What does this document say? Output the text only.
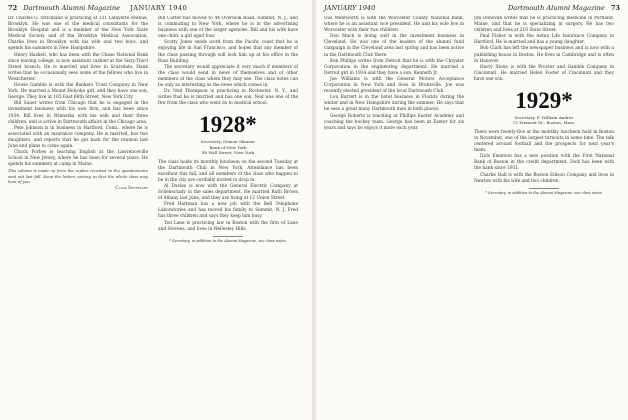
72 Dartmouth Alumni Magazine JANUARY 1940

Dr. Charles G. Strickland is practicing at 131 Lafayette Avenue, Brooklyn. He was one of the medical consultants for the Brooklyn Hospital and is a member of the New York State Medical Society and of the Brooklyn Medical Association. Charlie lives in Brooklyn with his wife and two boys, and spends his summers in New Hampshire.

Henry Haskell, who has been with the Chase National Bank since leaving college, is now assistant cashier at the Sixty-Third Street branch. He is married and lives in Scarsdale; Hank writes that he occasionally sees some of the fellows who live in Westchester.

Howie Gamble is with the Bankers Trust Company in New York. He married a Mount Holyoke girl, and they have one son, George. They live at 165 East 66th Street, New York City.

Bill Sauer writes from Chicago that he is engaged in the investment business with his own firm, and has been since 1934. Bill lives in Winnetka with his wife and their three children, and is active in Dartmouth affairs in the Chicago area.

Pete Johnson is in business in Hartford, Conn., where he is associated with an insurance company. He is married, has two daughters, and reports that he got back for the reunion last June and plans to come again.

Chuck Forbes is teaching English at the Lawrenceville School in New Jersey, where he has been for several years. He spends his summers at camp in Maine.

This column is made up from the replies received to the questionnaire sent out last fall. Keep the letters coming so that the whole class may hear of you.

Class Secretary

Bill Carter has moved to 44 Overlook Road, Summit, N. J., and is commuting to New York, where he is in the advertising business with one of the larger agencies. Bill and his wife have one child, a girl aged four.

Scotty Jones sends word from the Pacific coast that he is enjoying life in San Francisco, and hopes that any member of the class passing through will look him up at his office in the Russ Building.

The secretary would appreciate it very much if members of the class would send in news of themselves and of other members of the class whom they may see. The class notes can be only as interesting as the news which comes in.

Dr. Ned Thompson is practicing in Rochester, N. Y., and writes that he is married and has one son. Ned was one of the few from the class who went on to medical school.

1928*

Secretary, Osmun Skinner
Bank of New York
48 Wall Street, New York

The class holds its monthly luncheon on the second Tuesday at the Dartmouth Club in New York. Attendance has been excellent this fall, and all members of the class who happen to be in the city are cordially invited to drop in.

Al Davies is now with the General Electric Company at Schenectady in the sales department. He married Ruth Brown of Albany last June, and they are living at 12 Union Street.

Fred Hartman has a new job with the Bell Telephone Laboratories and has moved his family to Summit, N. J. Fred has three children and says they keep him busy.

Ted Lane is practicing law in Boston with the firm of Lane and Stevens, and lives in Wellesley Hills.

* Secretary, in addition to the Alumni Magazine, see class notes.

JANUARY 1940	Dartmouth Alumni Magazine 73

Gus Wentworth is with the Worcester County National Bank, where he is an assistant vice president. He and his wife live in Worcester with their two children.

Don Mack is doing well in the investment business in Cleveland. He was one of the leaders of the alumni fund campaign in the Cleveland area last spring and has been active in the Dartmouth Club there.

Ken Phillips writes from Detroit that he is with the Chrysler Corporation in the engineering department. He married a Detroit girl in 1934 and they have a son, Kenneth Jr.

Joe Williams is with the General Motors Acceptance Corporation in New York and lives in Bronxville. Joe was recently elected president of the local Dartmouth Club.

Lou Barrett is in the hotel business in Florida during the winter and in New Hampshire during the summer. He says that he sees a great many Dartmouth men in both places.

George Roberts is teaching at Phillips Exeter Academy and coaching the hockey team. George has been at Exeter for six years and says he enjoys it more each year.

Jim Donovan writes that he is practicing medicine in Portland, Maine, and that he is specializing in surgery. He has two children and lives at 210 State Street.

Paul Fisher is with the Aetna Life Insurance Company in Hartford. He is married and has a young daughter.

Bob Clark has left the newspaper business and is now with a publishing house in Boston. He lives in Cambridge and is often in Hanover.

Harry Stone is with the Procter and Gamble Company in Cincinnati. He married Helen Foster of Cincinnati and they have one son.

1929*

Secretary, F. William Andres
73 Tremont St., Boston, Mass.

There were twenty-five at the monthly luncheon held in Boston in November, one of the largest turnouts in some time. The talk centered around football and the prospects for next year's team.

Dick Emerson has a new position with the First National Bank of Boston in the credit department. Dick has been with the bank since 1931.

Charlie Hall is with the Boston Edison Company and lives in Newton with his wife and two children.

* Secretary, in addition to the Alumni Magazine, see class notes.
